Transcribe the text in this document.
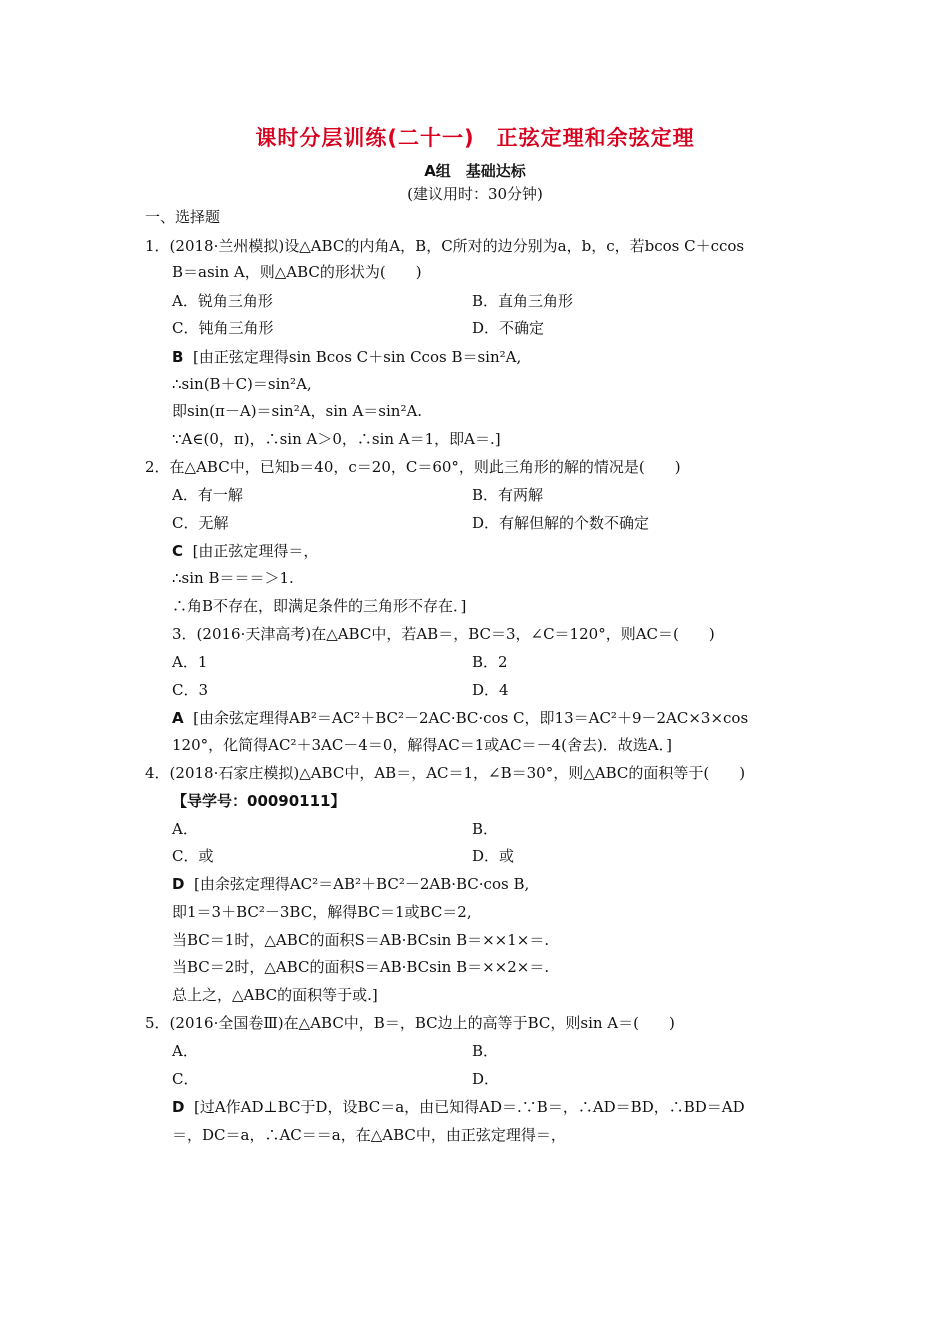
课时分层训练(二十一)　正弦定理和余弦定理
A组　基础达标
(建议用时：30分钟)
一、选择题
1．(2018·兰州模拟)设△ABC的内角A，B，C所对的边分别为a，b，c，若bcos C＋ccos
B＝asin A，则△ABC的形状为(　　)
A．锐角三角形	B．直角三角形
C．钝角三角形	D．不确定
B [由正弦定理得sin Bcos C＋sin Ccos B＝sin²A,
∴sin(B＋C)＝sin²A,
即sin(π－A)＝sin²A，sin A＝sin²A.
∵A∈(0，π)，∴sin A＞0，∴sin A＝1，即A＝.]
2．在△ABC中，已知b＝40，c＝20，C＝60°，则此三角形的解的情况是(　　)
A．有一解	B．有两解
C．无解	D．有解但解的个数不确定
C [由正弦定理得＝，
∴sin B＝＝＝＞1.
∴角B不存在，即满足条件的三角形不存在．]
3．(2016·天津高考)在△ABC中，若AB＝，BC＝3，∠C＝120°，则AC＝(　　)
A．1	B．2
C．3	D．4
A [由余弦定理得AB²＝AC²＋BC²－2AC·BC·cos C，即13＝AC²＋9－2AC×3×cos
120°，化简得AC²＋3AC－4＝0，解得AC＝1或AC＝－4(舍去)．故选A．]
4．(2018·石家庄模拟)△ABC中，AB＝，AC＝1，∠B＝30°，则△ABC的面积等于(　　)
【导学号：00090111】
A．	B．
C．或	D．或
D [由余弦定理得AC²＝AB²＋BC²－2AB·BC·cos B,
即1＝3＋BC²－3BC，解得BC＝1或BC＝2,
当BC＝1时，△ABC的面积S＝AB·BCsin B＝××1×＝.
当BC＝2时，△ABC的面积S＝AB·BCsin B＝××2×＝.
总上之，△ABC的面积等于或.]
5．(2016·全国卷Ⅲ)在△ABC中，B＝，BC边上的高等于BC，则sin A＝(　　)
A．	B．
C．	D．
D [过A作AD⊥BC于D，设BC＝a，由已知得AD＝.∵B＝，∴AD＝BD，∴BD＝AD
＝，DC＝a，∴AC＝＝a，在△ABC中，由正弦定理得＝，
